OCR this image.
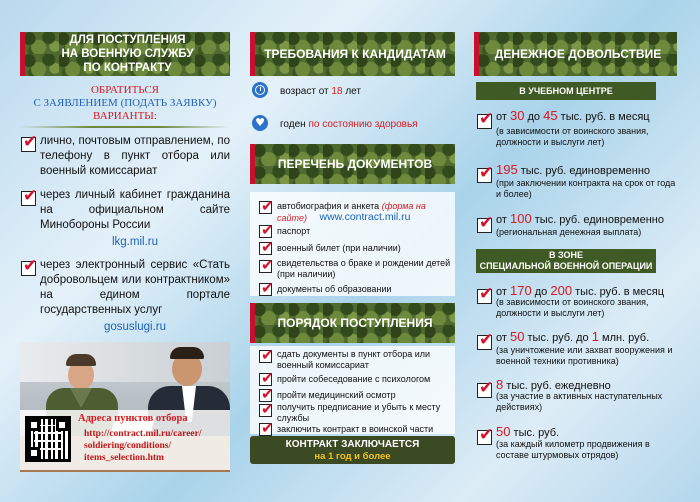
ДЛЯ ПОСТУПЛЕНИЯ
НА ВОЕННУЮ СЛУЖБУ
ПО КОНТРАКТУ
ОБРАТИТЬСЯ
С ЗАЯВЛЕНИЕМ (ПОДАТЬ ЗАЯВКУ)
ВАРИАНТЫ:
✔
лично, почтовым отправлением, по телефону в пункт отбора или военный комиссариат
✔
через личный кабинет гражданина на официальном сайте Минобороны России
lkg.mil.ru
✔
через электронный сервис «Стать добровольцем или контрактником» на едином портале государственных услуг
gosuslugi.ru
Адреса пунктов отбора
http://contract.mil.ru/career/
soldiering/conditions/
items_selection.htm
ТРЕБОВАНИЯ К КАНДИДАТАМ
возраст от 18 лет
♥ годен по состоянию здоровья
ПЕРЕЧЕНЬ ДОКУМЕНТОВ
✔
автобиография и анкета (форма на сайте)	www.contract.mil.ru
✔
паспорт
✔
военный билет (при наличии)
✔
свидетельства о браке и рождении детей (при наличии)
✔
документы об образовании
ПОРЯДОК ПОСТУПЛЕНИЯ
✔
сдать документы в пункт отбора или военный комиссариат
✔
пройти собеседование с психологом
✔
пройти медицинский осмотр
✔
получить предписание и убыть к месту службы
✔
заключить контракт в воинской части
КОНТРАКТ ЗАКЛЮЧАЕТСЯ
на 1 год и более
ДЕНЕЖНОЕ ДОВОЛЬСТВИЕ
В УЧЕБНОМ ЦЕНТРЕ
✔
от 30 до 45 тыс. руб. в месяц
(в зависимости от воинского звания, должности и выслуги лет)
✔
195 тыс. руб. единовременно
(при заключении контракта на срок от года и более)
✔
от 100 тыс. руб. единовременно
(региональная денежная выплата)
В ЗОНЕ
СПЕЦИАЛЬНОЙ ВОЕННОЙ ОПЕРАЦИИ
✔
от 170 до 200 тыс. руб. в месяц
(в зависимости от воинского звания, должности и выслуги лет)
✔
от 50 тыс. руб. до 1 млн. руб.
(за уничтожение или захват вооружения и военной техники противника)
✔
8 тыс. руб. ежедневно
(за участие в активных наступательных действиях)
✔
50 тыс. руб.
(за каждый километр продвижения в составе штурмовых отрядов)
